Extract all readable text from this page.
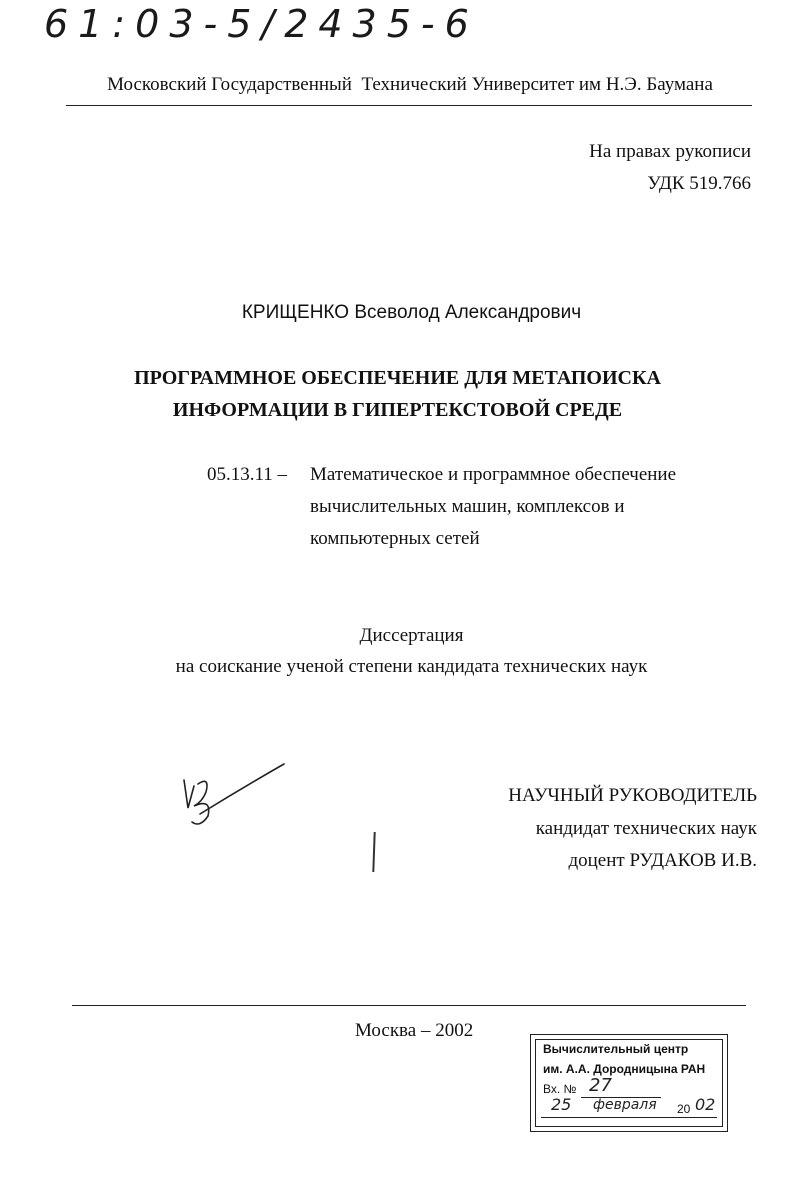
61:03-5/2435-6
Московский Государственный  Технический Университет им Н.Э. Баумана
На правах рукописи
УДК 519.766
КРИЩЕНКО Всеволод Александрович
ПРОГРАММНОЕ ОБЕСПЕЧЕНИЕ ДЛЯ МЕТАПОИСКА
ИНФОРМАЦИИ В ГИПЕРТЕКСТОВОЙ СРЕДЕ
05.13.11 – Математическое и программное обеспечение
вычислительных машин, комплексов и
компьютерных сетей
Диссертация
на соискание ученой степени кандидата технических наук
НАУЧНЫЙ РУКОВОДИТЕЛЬ
кандидат технических наук
доцент РУДАКОВ И.В.
Москва – 2002
Вычислительный центр
им. А.А. Дородницына РАН
Вх. № 27
25 февраля 20 02
